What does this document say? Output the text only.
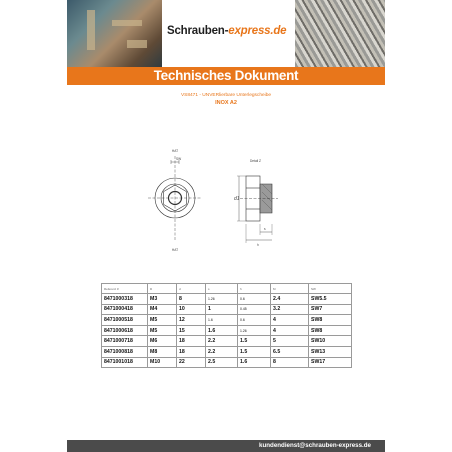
Schrauben-express.de
Technisches Dokument
VS8471 - UNVERlierbare Unterlegscheibe
INOX A2
HAT
HAT
Detail Z
d1
s
h
SW
Referenz #	D	d	s	h	M	SW
8471000318	M3	8	1.26	0.6	2.4	SW5.5
8471000418	M4	10	1	0.45	3.2	SW7
8471000518	M5	12	1.6	0.6	4	SW8
8471000618	M5	15	1.6	1.26	4	SW8
8471000718	M6	18	2.2	1.5	5	SW10
8471000818	M8	18	2.2	1.5	6.5	SW13
8471001018	M10	22	2.5	1.6	8	SW17
kundendienst@schrauben-express.de
